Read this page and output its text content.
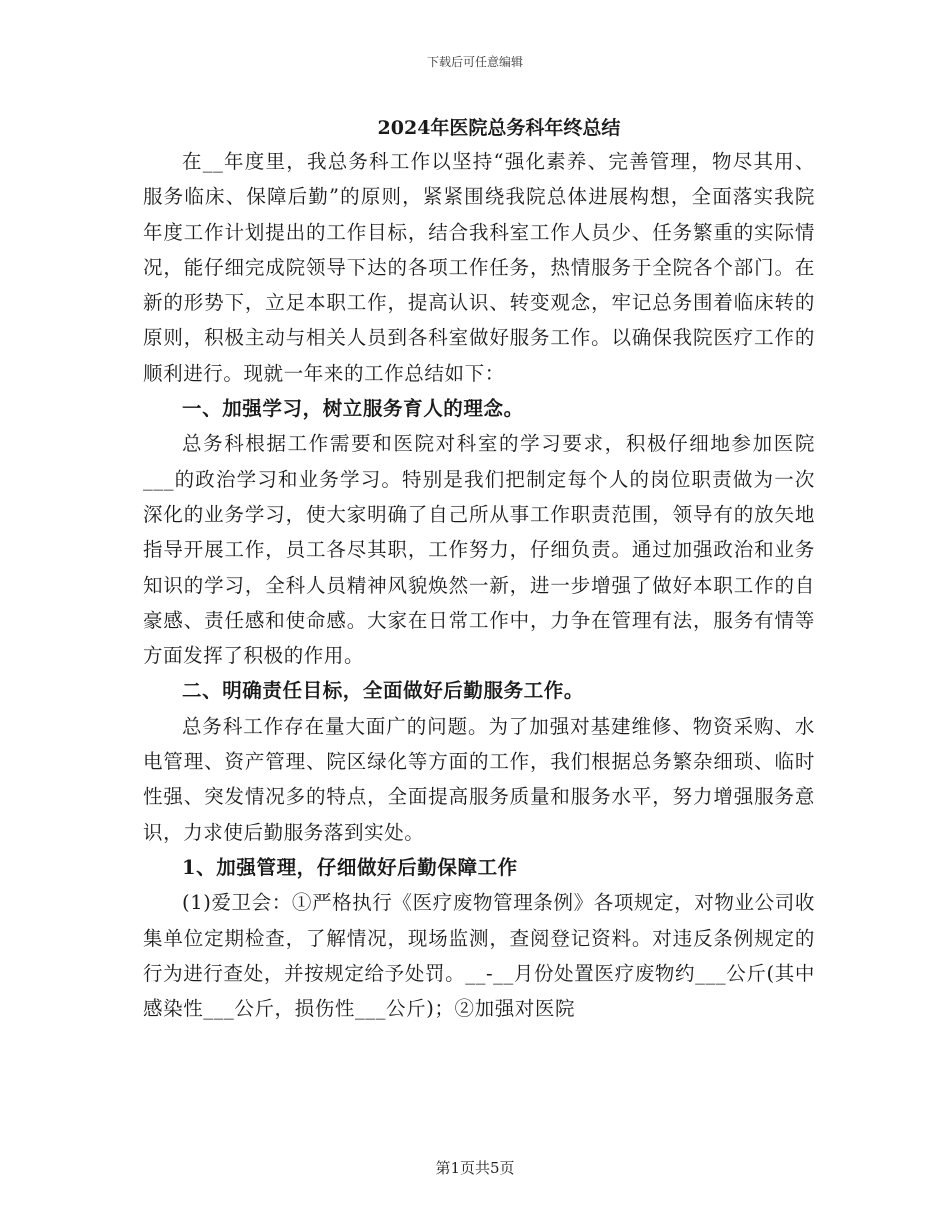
下载后可任意编辑

2024年医院总务科年终总结

在__年度里，我总务科工作以坚持“强化素养、完善管理，物尽其用、服务临床、保障后勤”的原则，紧紧围绕我院总体进展构想，全面落实我院年度工作计划提出的工作目标，结合我科室工作人员少、任务繁重的实际情况，能仔细完成院领导下达的各项工作任务，热情服务于全院各个部门。在新的形势下，立足本职工作，提高认识、转变观念，牢记总务围着临床转的原则，积极主动与相关人员到各科室做好服务工作。以确保我院医疗工作的顺利进行。现就一年来的工作总结如下：

一、加强学习，树立服务育人的理念。

总务科根据工作需要和医院对科室的学习要求，积极仔细地参加医院___的政治学习和业务学习。特别是我们把制定每个人的岗位职责做为一次深化的业务学习，使大家明确了自己所从事工作职责范围，领导有的放矢地指导开展工作，员工各尽其职，工作努力，仔细负责。通过加强政治和业务知识的学习，全科人员精神风貌焕然一新，进一步增强了做好本职工作的自豪感、责任感和使命感。大家在日常工作中，力争在管理有法，服务有情等方面发挥了积极的作用。

二、明确责任目标，全面做好后勤服务工作。

总务科工作存在量大面广的问题。为了加强对基建维修、物资采购、水电管理、资产管理、院区绿化等方面的工作，我们根据总务繁杂细琐、临时性强、突发情况多的特点，全面提高服务质量和服务水平，努力增强服务意识，力求使后勤服务落到实处。

1、加强管理，仔细做好后勤保障工作

(1)爱卫会：①严格执行《医疗废物管理条例》各项规定，对物业公司收集单位定期检查，了解情况，现场监测，查阅登记资料。对违反条例规定的行为进行查处，并按规定给予处罚。__-__月份处置医疗废物约___公斤(其中感染性___公斤，损伤性___公斤)；②加强对医院

第1页共5页
